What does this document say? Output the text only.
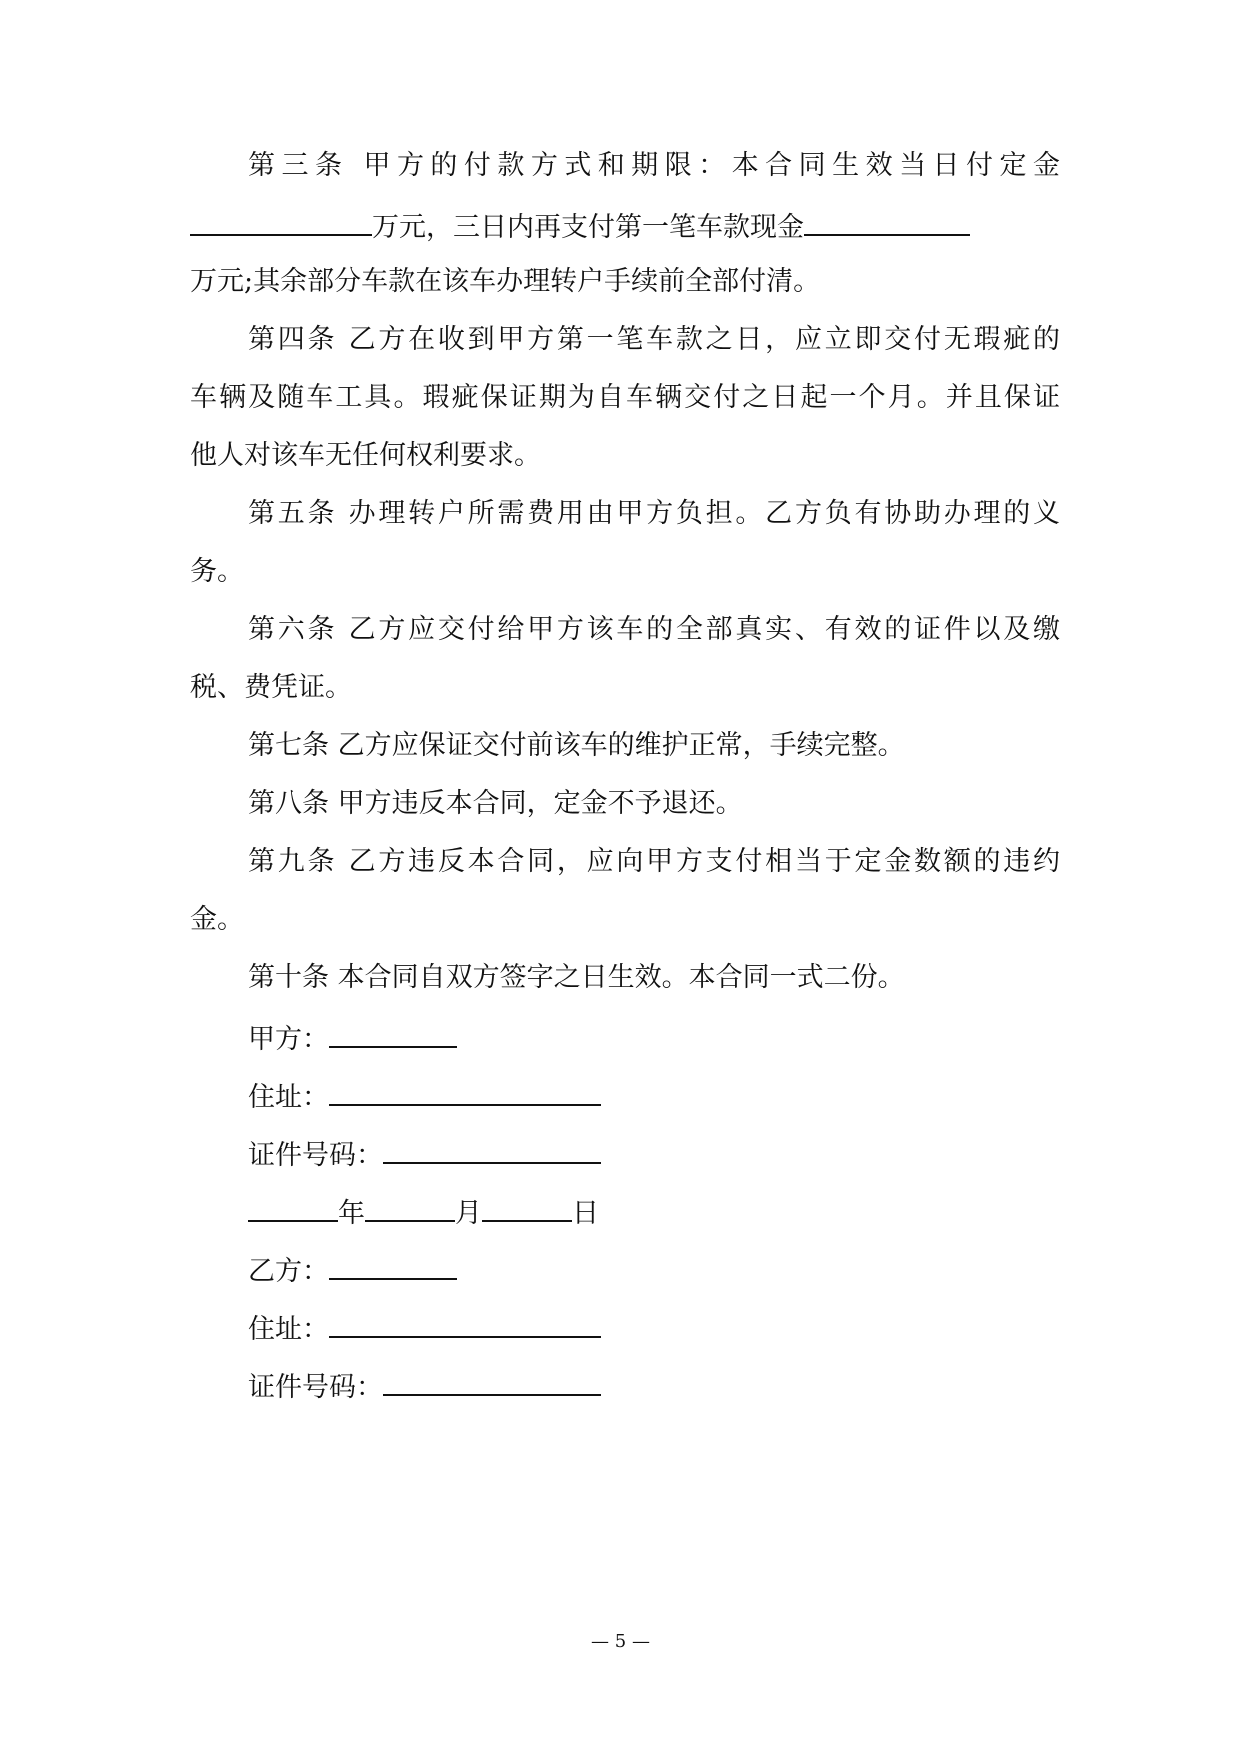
第三条 甲方的付款方式和期限：本合同生效当日付定金
万元，三日内再支付第一笔车款现金
万元;其余部分车款在该车办理转户手续前全部付清。
第四条 乙方在收到甲方第一笔车款之日，应立即交付无瑕疵的
车辆及随车工具。瑕疵保证期为自车辆交付之日起一个月。并且保证
他人对该车无任何权利要求。
第五条 办理转户所需费用由甲方负担。乙方负有协助办理的义
务。
第六条 乙方应交付给甲方该车的全部真实、有效的证件以及缴
税、费凭证。
第七条 乙方应保证交付前该车的维护正常，手续完整。
第八条 甲方违反本合同，定金不予退还。
第九条 乙方违反本合同，应向甲方支付相当于定金数额的违约
金。
第十条 本合同自双方签字之日生效。本合同一式二份。
甲方：
住址：
证件号码：
年	月	日
乙方：
住址：
证件号码：
— 5 —
